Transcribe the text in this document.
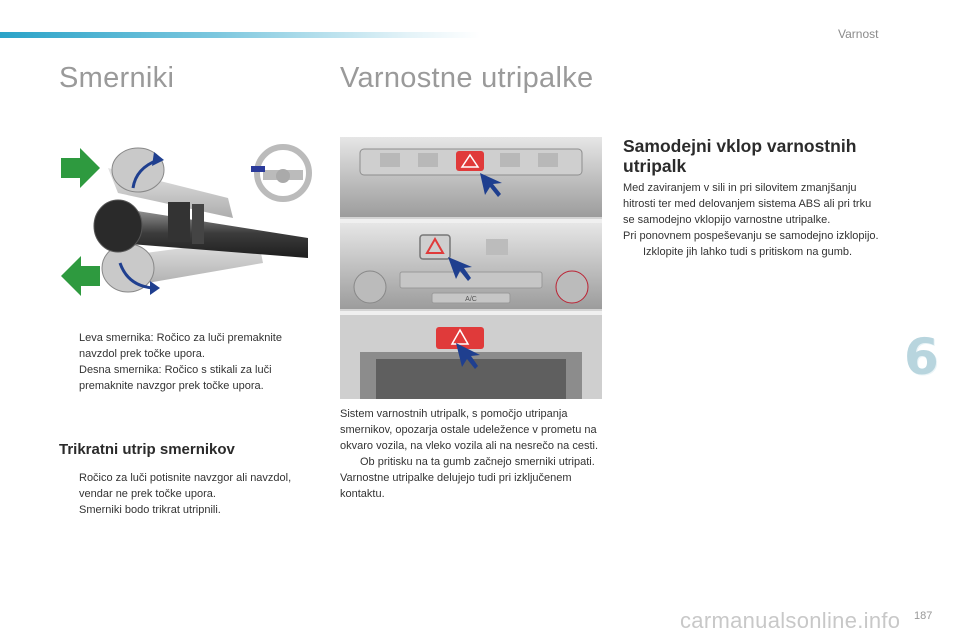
Varnost
Smerniki	Varnostne utripalke

Leva smernika: Ročico za luči premaknite navzdol prek točke upora.

Desna smernika: Ročico s stikali za luči premaknite navzgor prek točke upora.

Trikratni utrip smernikov

Ročico za luči potisnite navzgor ali navzdol, vendar ne prek točke upora.

Smerniki bodo trikrat utripnili.

A/C

Sistem varnostnih utripalk, s pomočjo utripanja smernikov, opozarja ostale udeležence v prometu na okvaro vozila, na vleko vozila ali na nesrečo na cesti.

Ob pritisku na ta gumb začnejo smerniki utripati.

Varnostne utripalke delujejo tudi pri izključenem kontaktu.

Samodejni vklop varnostnih utripalk

Med zaviranjem v sili in pri silovitem zmanjšanju hitrosti ter med delovanjem sistema ABS ali pri trku se samodejno vklopijo varnostne utripalke.

Pri ponovnem pospeševanju se samodejno izklopijo.

Izklopite jih lahko tudi s pritiskom na gumb.

6
carmanualsonline.info 187
